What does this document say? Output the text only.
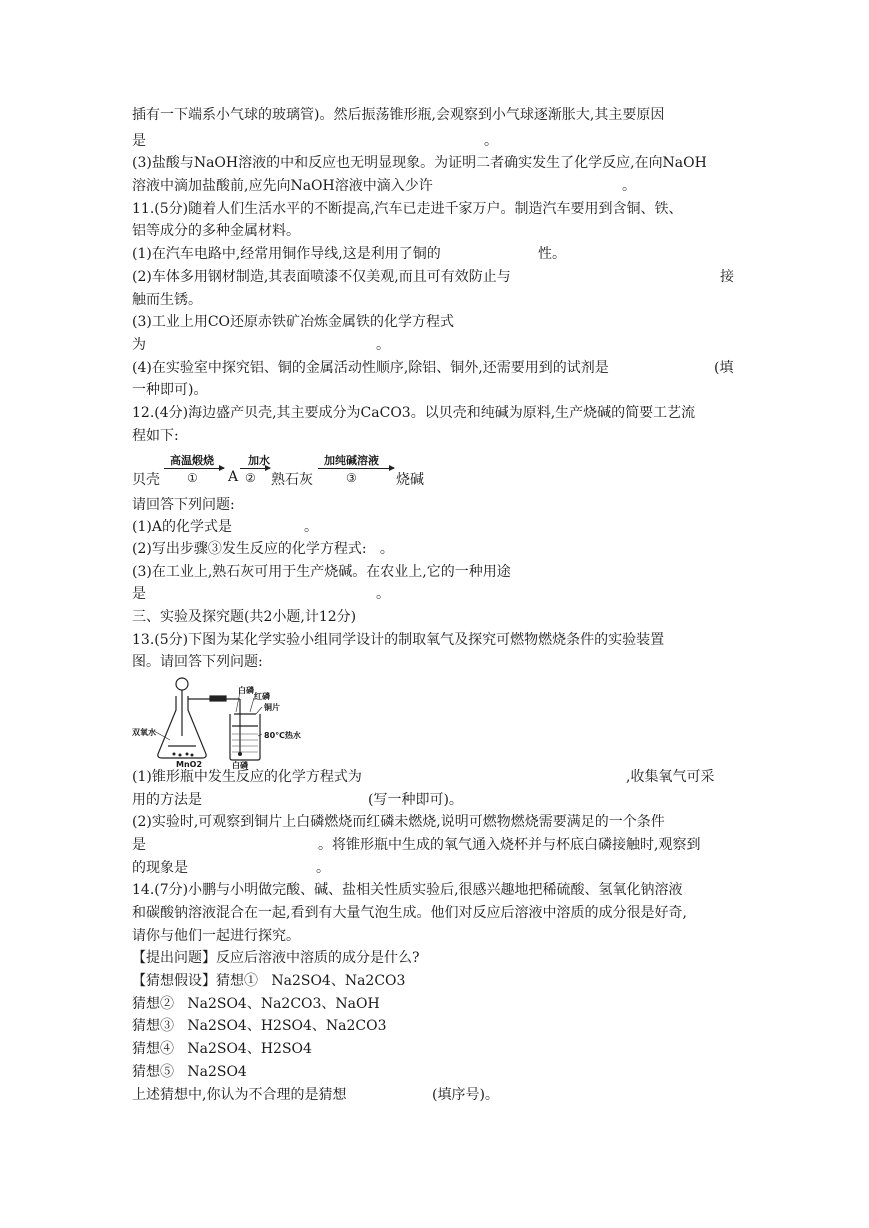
插有一下端系小气球的玻璃管)。然后振荡锥形瓶,会观察到小气球逐渐胀大,其主要原因
是	。
(3)盐酸与NaOH溶液的中和反应也无明显现象。为证明二者确实发生了化学反应,在向NaOH
溶液中滴加盐酸前,应先向NaOH溶液中滴入少许	。
11.(5分)随着人们生活水平的不断提高,汽车已走进千家万户。制造汽车要用到含铜、铁、
铝等成分的多种金属材料。
(1)在汽车电路中,经常用铜作导线,这是利用了铜的	性。
(2)车体多用钢材制造,其表面喷漆不仅美观,而且可有效防止与	接
触而生锈。
(3)工业上用CO还原赤铁矿冶炼金属铁的化学方程式
为	。
(4)在实验室中探究铝、铜的金属活动性顺序,除铝、铜外,还需要用到的试剂是	(填
一种即可)。
12.(4分)海边盛产贝壳,其主要成分为CaCO3。以贝壳和纯碱为原料,生产烧碱的简要工艺流
程如下:
贝壳
高温煅烧
① A
加水
② 熟石灰
加纯碱溶液
③	烧碱
请回答下列问题:
(1)A的化学式是	。
(2)写出步骤③发生反应的化学方程式:   。
(3)在工业上,熟石灰可用于生产烧碱。在农业上,它的一种用途
是	。
三、实验及探究题(共2小题,计12分)
13.(5分)下图为某化学实验小组同学设计的制取氧气及探究可燃物燃烧条件的实验装置
图。请回答下列问题:
白磷
红磷
铜片
80℃热水
双氧水
MnO2	白磷
(1)锥形瓶中发生反应的化学方程式为	,收集氧气可采
用的方法是	(写一种即可)。
(2)实验时,可观察到铜片上白磷燃烧而红磷未燃烧,说明可燃物燃烧需要满足的一个条件
是	。将锥形瓶中生成的氧气通入烧杯并与杯底白磷接触时,观察到
的现象是	。
14.(7分)小鹏与小明做完酸、碱、盐相关性质实验后,很感兴趣地把稀硫酸、氢氧化钠溶液
和碳酸钠溶液混合在一起,看到有大量气泡生成。他们对反应后溶液中溶质的成分很是好奇,
请你与他们一起进行探究。
【提出问题】反应后溶液中溶质的成分是什么?
【猜想假设】猜想①   Na2SO4、Na2CO3
猜想②   Na2SO4、Na2CO3、NaOH
猜想③   Na2SO4、H2SO4、Na2CO3
猜想④   Na2SO4、H2SO4
猜想⑤   Na2SO4
上述猜想中,你认为不合理的是猜想	(填序号)。
